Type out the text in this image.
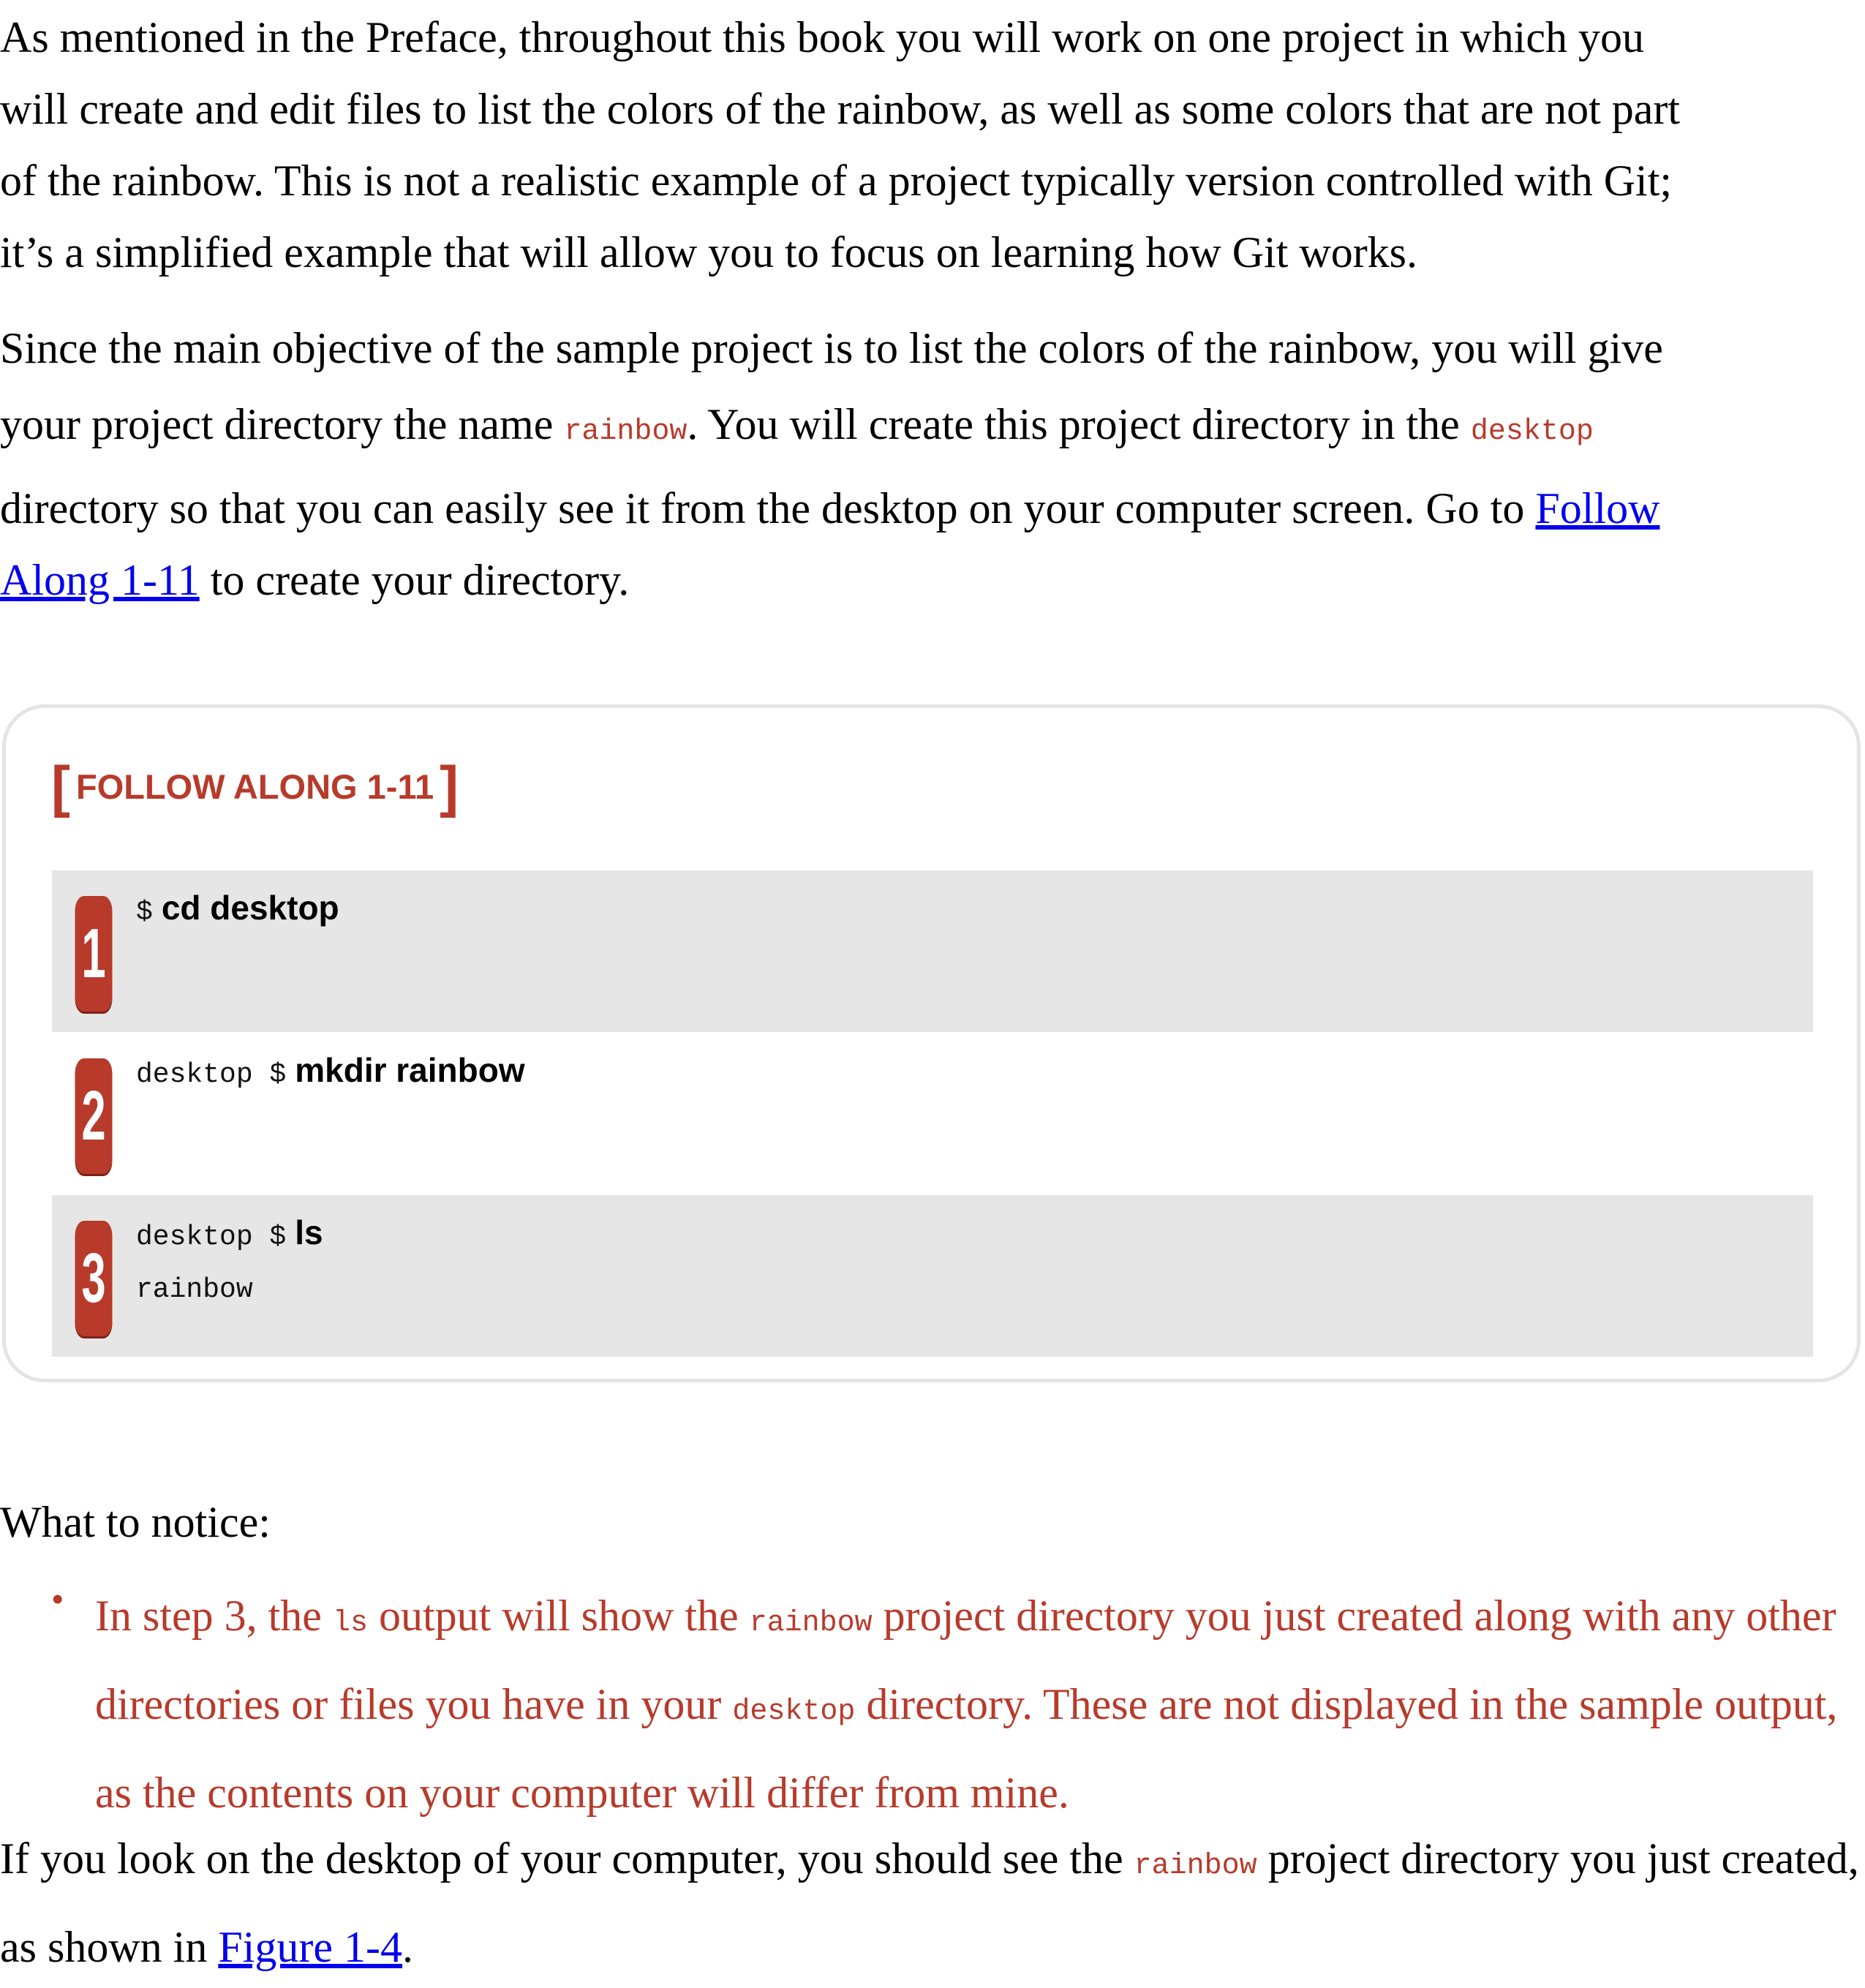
As mentioned in the Preface, throughout this book you will work on one project in which you
will create and edit files to list the colors of the rainbow, as well as some colors that are not part
of the rainbow. This is not a realistic example of a project typically version controlled with Git;
it’s a simplified example that will allow you to focus on learning how Git works.

Since the main objective of the sample project is to list the colors of the rainbow, you will give
your project directory the name rainbow. You will create this project directory in the desktop
directory so that you can easily see it from the desktop on your computer screen. Go to Follow
Along 1-11 to create your directory.

[ FOLLOW ALONG 1-11 ]
1
$ cd desktop
2
desktop $ mkdir rainbow
3
desktop $ ls
rainbow

What to notice:

• In step 3, the ls output will show the rainbow project directory you just created along with any other directories or files you have in your desktop directory. These are not displayed in the sample output, as the contents on your computer will differ from mine.

If you look on the desktop of your computer, you should see the rainbow project directory you just created, as shown in Figure 1-4.
